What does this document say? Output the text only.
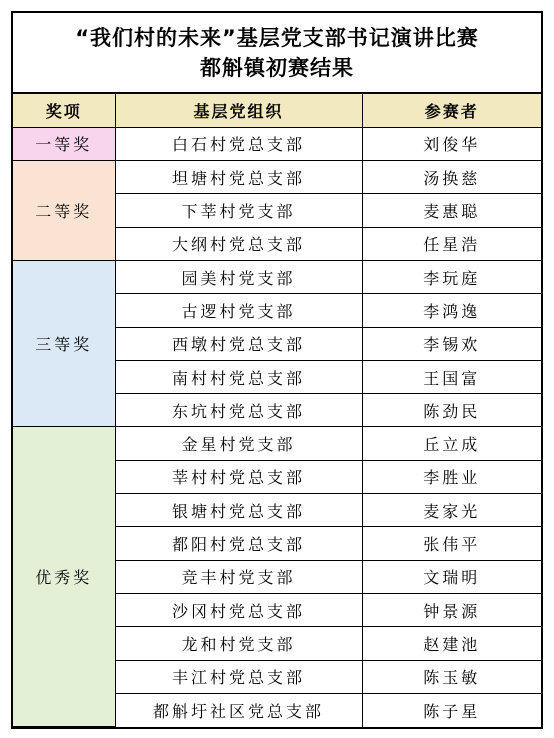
“我们村的未来”基层党支部书记演讲比赛
都斛镇初赛结果
奖项	基层党组织	参赛者
一等奖	白石村党总支部	刘俊华
二等奖	坦塘村党总支部	汤换慈
	下莘村党支部	麦惠聪
	大纲村党总支部	任星浩
三等奖	园美村党支部	李玩庭
	古逻村党支部	李鸿逸
	西墩村党总支部	李锡欢
	南村村党总支部	王国富
	东坑村党总支部	陈劲民
优秀奖	金星村党支部	丘立成
	莘村村党总支部	李胜业
	银塘村党总支部	麦家光
	都阳村党总支部	张伟平
	竞丰村党支部	文瑞明
	沙冈村党总支部	钟景源
	龙和村党支部	赵建池
	丰江村党总支部	陈玉敏
	都斛圩社区党总支部	陈子星
